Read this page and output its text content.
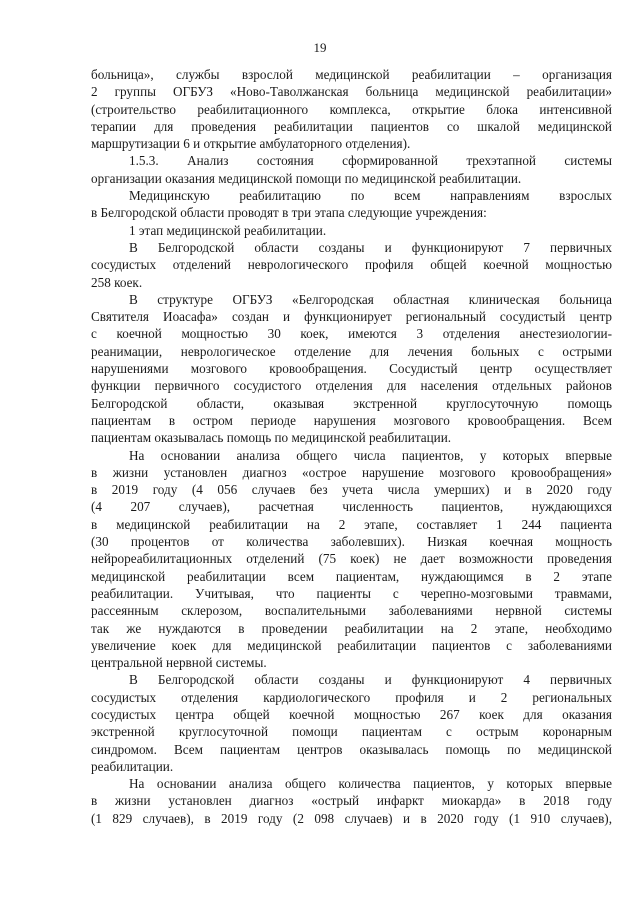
19
больница», службы взрослой медицинской реабилитации – организация
2 группы ОГБУЗ «Ново-Таволжанская больница медицинской реабилитации»
(строительство реабилитационного комплекса, открытие блока интенсивной
терапии для проведения реабилитации пациентов со шкалой медицинской
маршрутизации 6 и открытие амбулаторного отделения).
1.5.3. Анализ состояния сформированной трехэтапной системы
организации оказания медицинской помощи по медицинской реабилитации.
Медицинскую реабилитацию по всем направлениям взрослых
в Белгородской области проводят в три этапа следующие учреждения:
1 этап медицинской реабилитации.
В Белгородской области созданы и функционируют 7 первичных
сосудистых отделений неврологического профиля общей коечной мощностью
258 коек.
В структуре ОГБУЗ «Белгородская областная клиническая больница
Святителя Иоасафа» создан и функционирует региональный сосудистый центр
с коечной мощностью 30 коек, имеются 3 отделения анестезиологии-
реанимации, неврологическое отделение для лечения больных с острыми
нарушениями мозгового кровообращения. Сосудистый центр осуществляет
функции первичного сосудистого отделения для населения отдельных районов
Белгородской области, оказывая экстренной круглосуточную помощь
пациентам в остром периоде нарушения мозгового кровообращения. Всем
пациентам оказывалась помощь по медицинской реабилитации.
На основании анализа общего числа пациентов, у которых впервые
в жизни установлен диагноз «острое нарушение мозгового кровообращения»
в 2019 году (4 056 случаев без учета числа умерших) и в 2020 году
(4 207 случаев), расчетная численность пациентов, нуждающихся
в медицинской реабилитации на 2 этапе, составляет 1 244 пациента
(30 процентов от количества заболевших). Низкая коечная мощность
нейрореабилитационных отделений (75 коек) не дает возможности проведения
медицинской реабилитации всем пациентам, нуждающимся в 2 этапе
реабилитации. Учитывая, что пациенты с черепно-мозговыми травмами,
рассеянным склерозом, воспалительными заболеваниями нервной системы
так же нуждаются в проведении реабилитации на 2 этапе, необходимо
увеличение коек для медицинской реабилитации пациентов с заболеваниями
центральной нервной системы.
В Белгородской области созданы и функционируют 4 первичных
сосудистых отделения кардиологического профиля и 2 региональных
сосудистых центра общей коечной мощностью 267 коек для оказания
экстренной круглосуточной помощи пациентам с острым коронарным
синдромом. Всем пациентам центров оказывалась помощь по медицинской
реабилитации.
На основании анализа общего количества пациентов, у которых впервые
в жизни установлен диагноз «острый инфаркт миокарда» в 2018 году
(1 829 случаев), в 2019 году (2 098 случаев) и в 2020 году (1 910 случаев),
